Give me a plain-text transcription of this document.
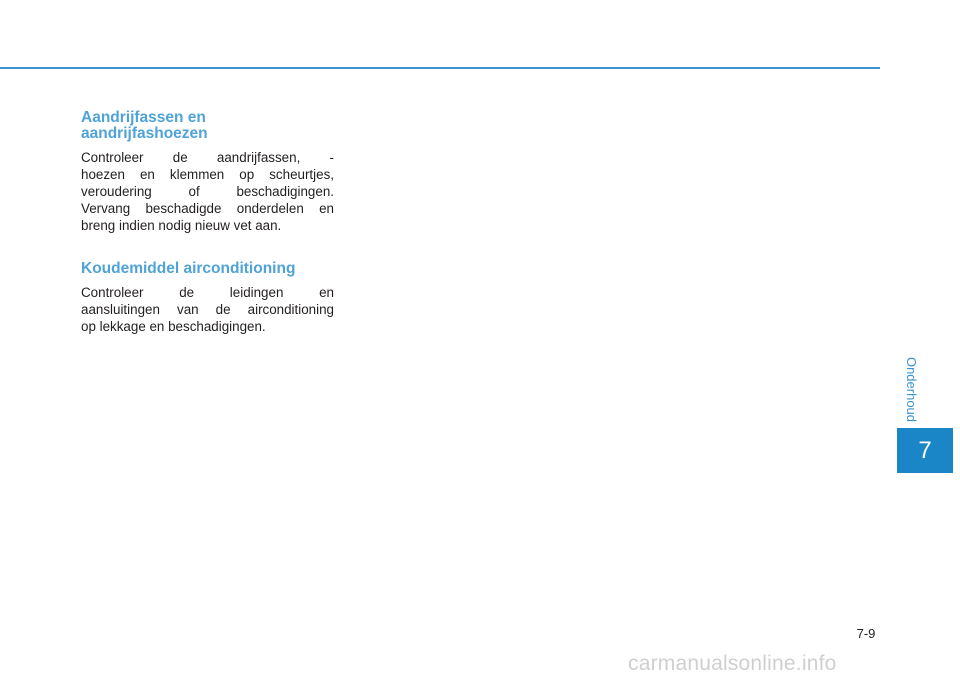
Aandrijfassen en
aandrijfashoezen

Controleer de aandrijfassen, -
hoezen en klemmen op scheurtjes,
veroudering of beschadigingen.
Vervang beschadigde onderdelen en
breng indien nodig nieuw vet aan.

Koudemiddel airconditioning

Controleer de leidingen en
aansluitingen van de airconditioning
op lekkage en beschadigingen.

Onderhoud
7
7-9
carmanualsonline.info
